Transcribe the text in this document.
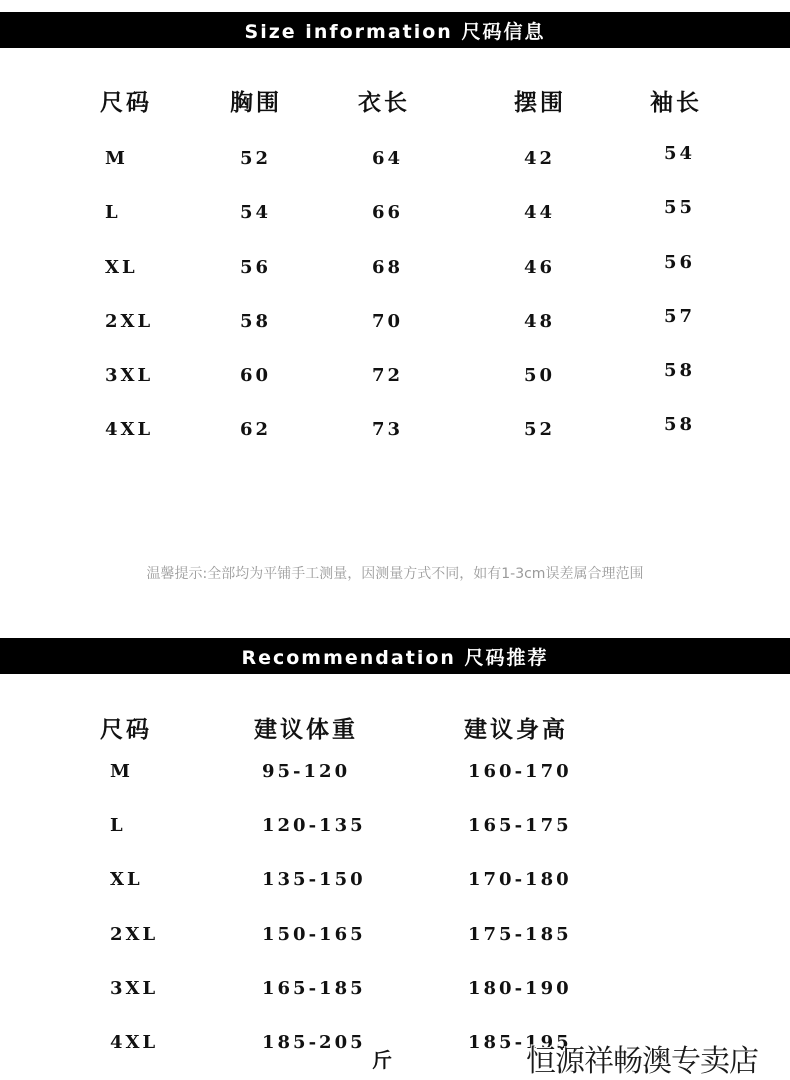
Size information 尺码信息
尺码	胸围	衣长	摆围	袖长
M	52	64	42	54
L	54	66	44	55
XL	56	68	46	56
2XL	58	70	48	57
3XL	60	72	50	58
4XL	62	73	52	58
温馨提示:全部均为平铺手工测量，因测量方式不同，如有1-3cm误差属合理范围
Recommendation 尺码推荐
尺码	建议体重	建议身高
M	95-120	160-170
L	120-135	165-175
XL	135-150	170-180
2XL	150-165	175-185
3XL	165-185	180-190
4XL	185-205	185-195
斤	恒源祥畅澳专卖店
